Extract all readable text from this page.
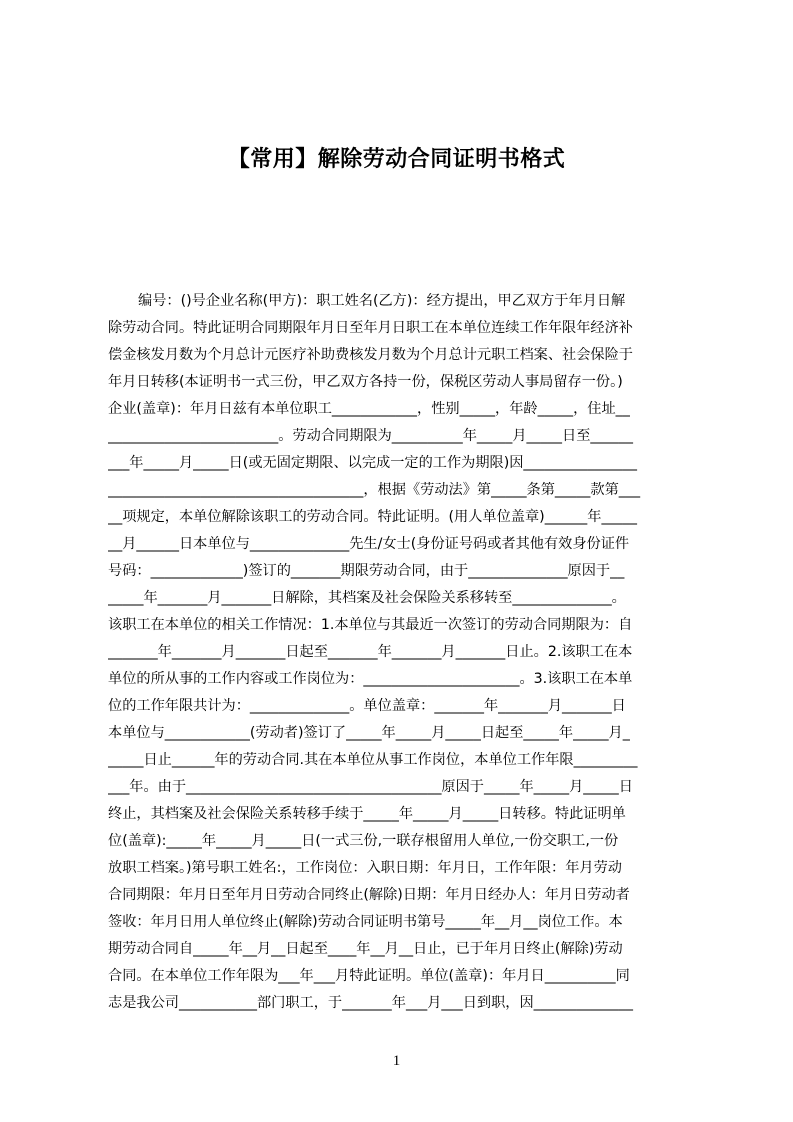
【常用】解除劳动合同证明书格式
编号：()号企业名称(甲方)：职工姓名(乙方)：经方提出，甲乙双方于年月日解
除劳动合同。特此证明合同期限年月日至年月日职工在本单位连续工作年限年经济补
偿金核发月数为个月总计元医疗补助费核发月数为个月总计元职工档案、社会保险于
年月日转移(本证明书一式三份，甲乙双方各持一份，保税区劳动人事局留存一份。)
企业(盖章)：年月日兹有本单位职工____________，性别_____，年龄_____，住址__
________________________。劳动合同期限为__________年_____月_____日至______
___年_____月_____日(或无固定期限、以完成一定的工作为期限)因________________
____________________________________，根据《劳动法》第_____条第_____款第___
__项规定，本单位解除该职工的劳动合同。特此证明。(用人单位盖章)______年_____
__月______日本单位与______________先生/女士(身份证号码或者其他有效身份证件
号码：_____________)签订的_______期限劳动合同，由于______________原因于__
_____年_______月_______日解除，其档案及社会保险关系移转至______________。
该职工在本单位的相关工作情况：1.本单位与其最近一次签订的劳动合同期限为：自
_______年_______月_______日起至_______年_______月_______日止。2.该职工在本
单位的所从事的工作内容或工作岗位为：______________________。3.该职工在本单
位的工作年限共计为：______________。单位盖章：_______年_______月_______日
本单位与____________(劳动者)签订了_____年_____月_____日起至_____年_____月_
_____日止______年的劳动合同.其在本单位从事工作岗位，本单位工作年限_________
___年。由于____________________________________原因于_____年_____月_____日
终止，其档案及社会保险关系转移手续于_____年_____月_____日转移。特此证明单
位(盖章):_____年_____月_____日(一式三份,一联存根留用人单位,一份交职工,一份
放职工档案。)第号职工姓名:，工作岗位：入职日期：年月日，工作年限：年月劳动
合同期限：年月日至年月日劳动合同终止(解除)日期：年月日经办人：年月日劳动者
签收：年月日用人单位终止(解除)劳动合同证明书第号_____年__月__岗位工作。本
期劳动合同自_____年__月__日起至____年__月__日止，已于年月日终止(解除)劳动
合同。在本单位工作年限为___年___月特此证明。单位(盖章)：年月日__________同
志是我公司___________部门职工，于_______年___月___日到职，因______________
1
